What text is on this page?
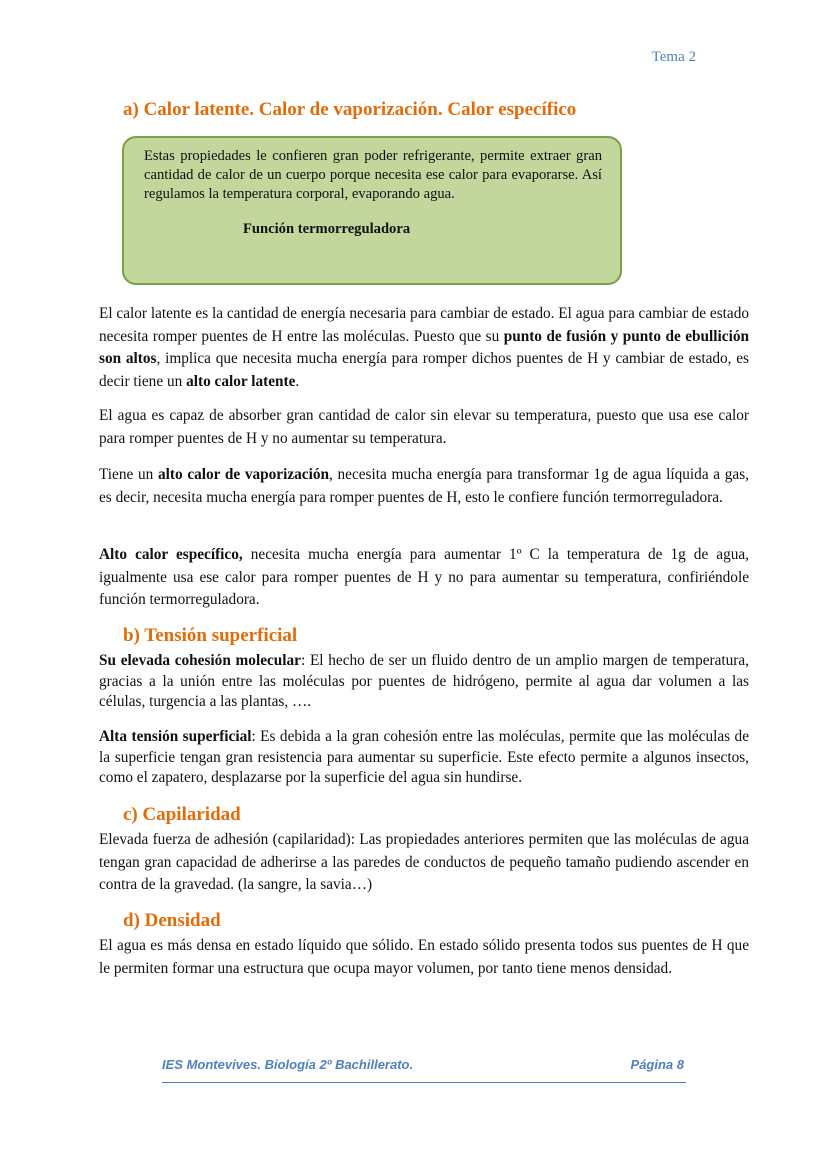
Tema 2
a) Calor latente. Calor de vaporización. Calor específico

Estas propiedades le confieren gran poder refrigerante, permite extraer gran cantidad de calor de un cuerpo porque necesita ese calor para evaporarse. Así regulamos la temperatura corporal, evaporando agua.

Función termorreguladora

El calor latente es la cantidad de energía necesaria para cambiar de estado. El agua para cambiar de estado necesita romper puentes de H entre las moléculas. Puesto que su punto de fusión y punto de ebullición son altos, implica que necesita mucha energía para romper dichos puentes de H y cambiar de estado, es decir tiene un alto calor latente.

El agua es capaz de absorber gran cantidad de calor sin elevar su temperatura, puesto que usa ese calor para romper puentes de H y no aumentar su temperatura.

Tiene un alto calor de vaporización, necesita mucha energía para transformar 1g de agua líquida a gas, es decir, necesita mucha energía para romper puentes de H, esto le confiere función termorreguladora.

Alto calor específico, necesita mucha energía para aumentar 1º C la temperatura de 1g de agua, igualmente usa ese calor para romper puentes de H y no para aumentar su temperatura, confiriéndole función termorreguladora.

b) Tensión superficial

Su elevada cohesión molecular: El hecho de ser un fluido dentro de un amplio margen de temperatura, gracias a la unión entre las moléculas por puentes de hidrógeno, permite al agua dar volumen a las células, turgencia a las plantas, ….

Alta tensión superficial: Es debida a la gran cohesión entre las moléculas, permite que las moléculas de la superficie tengan gran resistencia para aumentar su superficie. Este efecto permite a algunos insectos, como el zapatero, desplazarse por la superficie del agua sin hundirse.

c) Capilaridad

Elevada fuerza de adhesión (capilaridad): Las propiedades anteriores permiten que las moléculas de agua tengan gran capacidad de adherirse a las paredes de conductos de pequeño tamaño pudiendo ascender en contra de la gravedad. (la sangre, la savia…)

d) Densidad

El agua es más densa en estado líquido que sólido. En estado sólido presenta todos sus puentes de H que le permiten formar una estructura que ocupa mayor volumen, por tanto tiene menos densidad.

IES Montevives. Biología 2º Bachillerato.	Página 8
